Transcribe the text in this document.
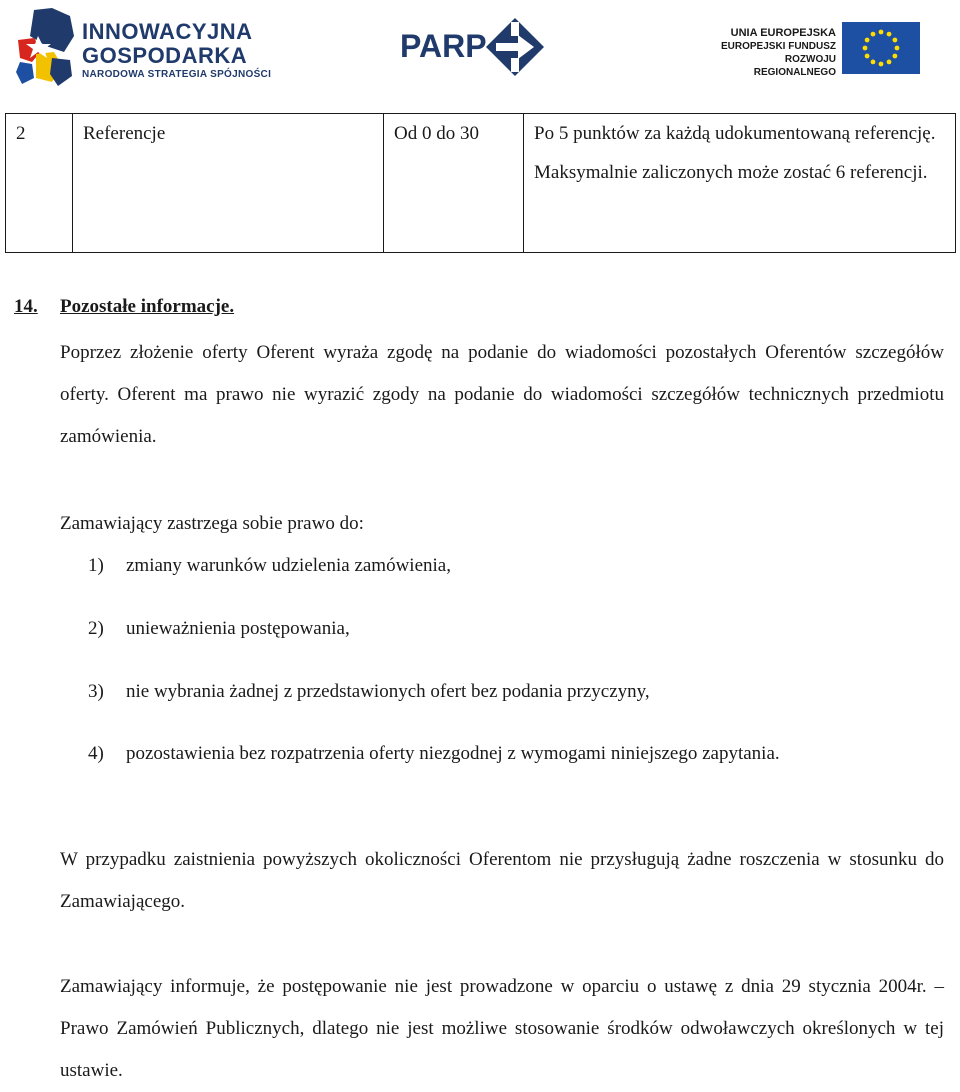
INNOWACYJNA
GOSPODARKA
NARODOWA STRATEGIA SPÓJNOŚCI
PARP	UNIA EUROPEJSKA
EUROPEJSKI FUNDUSZ
ROZWOJU REGIONALNEGO
2	Referencje	Od 0 do 30	Po 5 punktów za każdą udokumentowaną referencję. Maksymalnie zaliczonych może zostać 6 referencji.
14. Pozostałe informacje.
Poprzez złożenie oferty Oferent wyraża zgodę na podanie do wiadomości pozostałych Oferentów szczegółów oferty. Oferent ma prawo nie wyrazić zgody na podanie do wiadomości szczegółów technicznych przedmiotu zamówienia.
Zamawiający zastrzega sobie prawo do:
1) zmiany warunków udzielenia zamówienia,
2) unieważnienia postępowania,
3) nie wybrania żadnej z przedstawionych ofert bez podania przyczyny,
4) pozostawienia bez rozpatrzenia oferty niezgodnej z wymogami niniejszego zapytania.
W przypadku zaistnienia powyższych okoliczności Oferentom nie przysługują żadne roszczenia w stosunku do Zamawiającego.
Zamawiający informuje, że postępowanie nie jest prowadzone w oparciu o ustawę z dnia 29 stycznia 2004r. – Prawo Zamówień Publicznych, dlatego nie jest możliwe stosowanie środków odwoławczych określonych w tej ustawie.
